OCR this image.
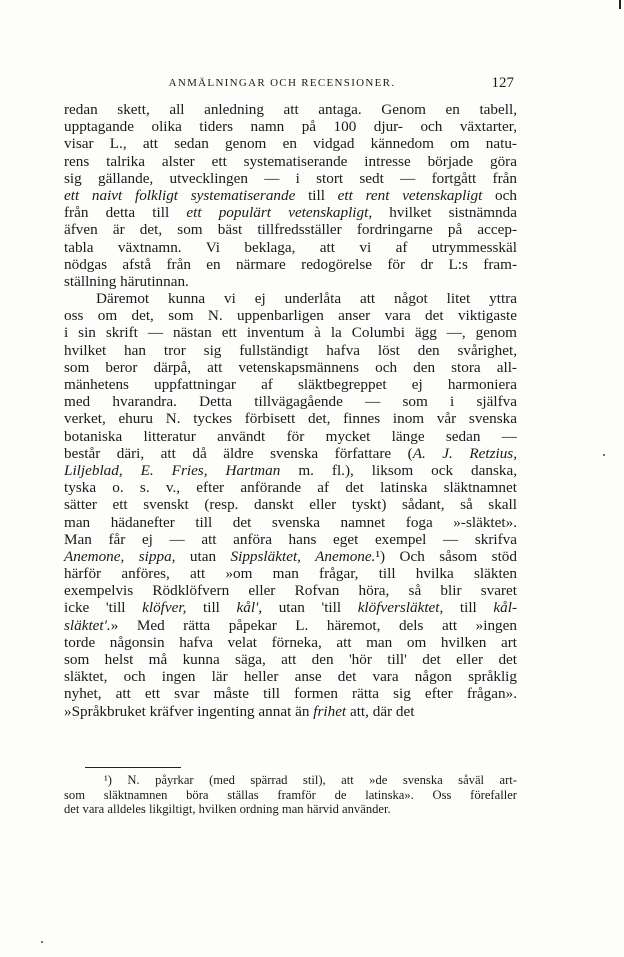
ANMÄLNINGAR OCH RECENSIONER.	127
redan skett, all anledning att antaga. Genom en tabell,
upptagande olika tiders namn på 100 djur- och växtarter,
visar L., att sedan genom en vidgad kännedom om natu-
rens talrika alster ett systematiserande intresse började göra
sig gällande, utvecklingen — i stort sedt — fortgått från
ett naivt folkligt systematiserande till ett rent vetenskapligt och
från detta till ett populärt vetenskapligt, hvilket sistnämnda
äfven är det, som bäst tillfredsställer fordringarne på accep-
tabla växtnamn. Vi beklaga, att vi af utrymmesskäl
nödgas afstå från en närmare redogörelse för dr L:s fram-
ställning härutinnan.
Däremot kunna vi ej underlåta att något litet yttra
oss om det, som N. uppenbarligen anser vara det viktigaste
i sin skrift — nästan ett inventum à la Columbi ägg —, genom
hvilket han tror sig fullständigt hafva löst den svårighet,
som beror därpå, att vetenskapsmännens och den stora all-
mänhetens uppfattningar af släktbegreppet ej harmoniera
med hvarandra. Detta tillvägagående — som i själfva
verket, ehuru N. tyckes förbisett det, finnes inom vår svenska
botaniska litteratur användt för mycket länge sedan —
består däri, att då äldre svenska författare (A. J. Retzius,
Liljeblad, E. Fries, Hartman m. fl.), liksom ock danska,
tyska o. s. v., efter anförande af det latinska släktnamnet
sätter ett svenskt (resp. danskt eller tyskt) sådant, så skall
man hädanefter till det svenska namnet foga »-släktet».
Man får ej — att anföra hans eget exempel — skrifva
Anemone, sippa, utan Sippsläktet, Anemone.¹) Och såsom stöd
härför anföres, att »om man frågar, till hvilka släkten
exempelvis Rödklöfvern eller Rofvan höra, så blir svaret
icke 'till klöfver, till kål', utan 'till klöfversläktet, till kål-
släktet'.» Med rätta påpekar L. häremot, dels att »ingen
torde någonsin hafva velat förneka, att man om hvilken art
som helst må kunna säga, att den 'hör till' det eller det
släktet, och ingen lär heller anse det vara någon språklig
nyhet, att ett svar måste till formen rätta sig efter frågan».
»Språkbruket kräfver ingenting annat än frihet att, där det
¹) N. påyrkar (med spärrad stil), att »de svenska såväl art-
som släktnamnen böra ställas framför de latinska». Oss förefaller
det vara alldeles likgiltigt, hvilken ordning man härvid använder.
